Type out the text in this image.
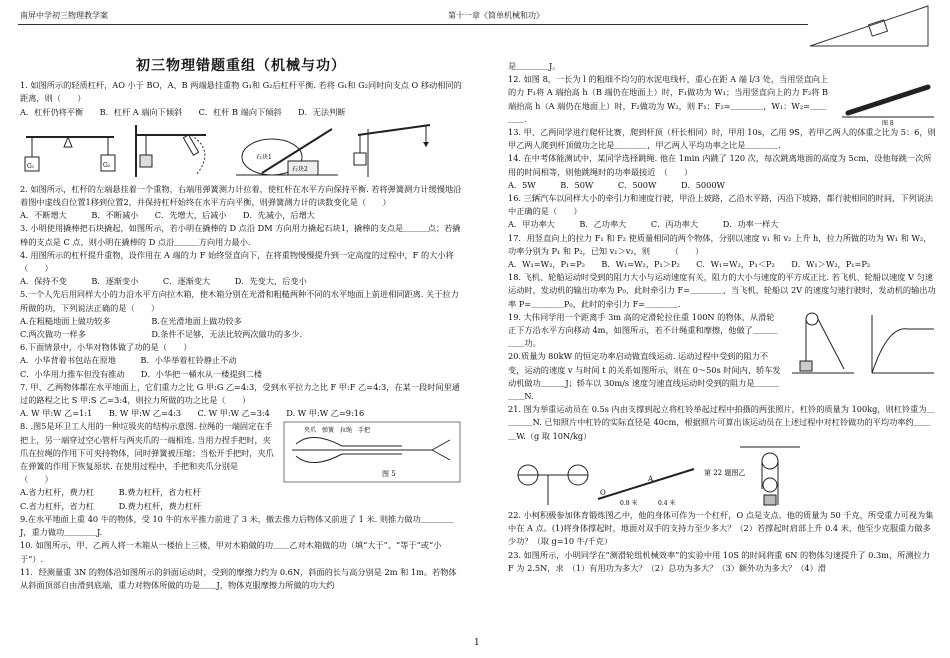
南屏中学初三物理教学案	第十一章《简单机械和功》
初三物理错题重组（机械与功）

1. 如图所示的轻质杠杆，AO 小于 BO，A、B 两端悬挂重物 G₁和 G₂后杠杆平衡. 若将 G₁和 G₂同时向支点 O 移动相同的距离，则（　　）

A．杠杆仍将平衡　　B．杠杆 A 端向下倾斜　　C．杠杆 B 端向下倾斜　　D．无法判断

G₁	G₂
石块1
石块2

2. 如图所示，杠杆的左端悬挂着一个重物，右端用弹簧测力计拉着，使杠杆在水平方向保持平衡. 若将弹簧测力计缓慢地沿着图中虚线自位置1移到位置2，并保持杠杆始终在水平方向平衡，则弹簧测力计的读数变化是（　　）

A．不断增大　　　B．不断减小　　C．先增大，后减小　　D．先减小，后增大

3. 小明使用撬棒把石块撬起，如图所示，若小明在撬棒的 D 点沿 DM 方向用力撬起石块1，撬棒的支点是＿＿＿点；若撬棒的支点是 C 点，则小明在撬棒的 D 点沿＿＿＿方向用力最小.

4. 用图所示的杠杆提升重物，设作用在 A 端的力 F 始终竖直向下，在将重物慢慢提升到一定高度的过程中，F 的大小将　　　　　　　　　　　（　　）

A．保持不变　　　B．逐渐变小　　　C．逐渐变大　　　D．先变大，后变小

5.一个人先后用同样大小的力沿水平方向拉木箱，使木箱分别在光滑和粗糙两种不同的水平地面上前进相同距离. 关于拉力所做的功，下列说法正确的是（　　）

A.在粗糙地面上做功较多　　　　　B.在光滑地面上做功较多

C.两次做功一样多　　　　　　　　D.条件不足够，无法比较两次做功的多少.

6.下面情景中，小华对物体做了功的是（　　）

A．小华背着书包站在原地　　　B．小华举着杠铃静止不动

C．小华用力推车但没有推动　　D．小华把一桶水从一楼提到二楼

7. 甲、乙两物体都在水平地面上，它们重力之比 G 甲:G 乙=4:3，受到水平拉力之比 F 甲:F 乙=4:3，在某一段时间里通过的路程之比 S 甲:S 乙=3:4，则拉力所做的功之比是（　　）

A. W 甲:W 乙=1:1　　B. W 甲:W 乙=4:3　　C. W 甲:W 乙=3:4　　D. W 甲:W 乙=9:16

夹爪　弹簧　拉绳　手把
图 5

8. .图5是环卫工人用的一种垃圾夹的结构示意图. 拉绳的一端固定在手把上，另一端穿过空心管杆与两夹爪的一端相连. 当用力捏手把时，夹爪在拉绳的作用下可夹持物体，同时弹簧被压缩；当松开手把时，夹爪在弹簧的作用下恢复原状. 在使用过程中，手把和夹爪分别是　　（　　）

A.省力杠杆，费力杠　　　B.费力杠杆，省力杠杆

C.省力杠杆，省力杠　　　D.费力杠杆，费力杠杆

9.在水平地面上重 40 牛的物体，受 10 牛的水平推力前进了 3 米，撤去推力后物体又前进了 1 米. 则推力做功＿＿＿＿J，重力做功＿＿＿＿J.

10. 如图所示，甲、乙两人将一木箱从一楼抬上三楼，甲对木箱做的功＿＿乙对木箱做的功（填“大于”、“等于”或“小于”）.

11．经测量重 3N 的物体沿如图所示的斜面运动时，受到的摩擦力约为 0.6N，斜面的长与高分别是 2m 和 1m。若物体从斜面顶部自由滑到底端，重力对物体所做的功是＿＿J，物体克服摩擦力所做的功大约

是＿＿＿＿J。

图 8

12. 如图 8，一长为 l 的粗细不均匀的水泥电线杆，重心在距 A 端 l/3 处，当用竖直向上的力 F₁将 A 端抬高 h（B 端仍在地面上）时，F₁做功为 W₁；当用竖直向上的力 F₂将 B 端抬高 h（A 端仍在地面上）时，F₂做功为 W₂，则 F₁：F₂=＿＿＿＿，W₁：W₂=＿＿＿＿.

13. 甲、乙两同学进行爬杆比赛，爬到杆顶（杆长相同）时，甲用 10s，乙用 9S，若甲乙两人的体重之比为 5：6，则甲乙两人爬到杆顶做功之比是＿＿＿＿，甲乙两人平均功率之比是＿＿＿＿.

14. 在中考体能测试中，某同学选择跳绳. 他在 1min 内跳了 120 次，每次跳离地面的高度为 5cm，设他每跳一次所用的时间相等，则他跳绳时的功率最接近　（　　）

A．5W　　　B．50W　　　C．500W　　　D．5000W

16. 三辆汽车以同样大小的牵引力和速度行驶，甲沿上坡路，乙沿水平路，丙沿下坡路，都行驶相同的时间，下列说法中正确的是（　　）

A．甲功率大　　　B．乙功率大　　　C．丙功率大　　　D．功率一样大

17．用竖直向上的拉力 F₁ 和 F₂ 使质量相同的两个物体，分别以速度 v₁ 和 v₂ 上升 h，拉力所做的功为 W₁ 和 W₂，功率分别为 P₁ 和 P₂，已知 v₁＞v₂，则　　　（　　）

A．W₁=W₂，P₁=P₂　　B．W₁=W₂，P₁＞P₂　　C．W₁=W₂，P₁＜P₂　　D．W₁＞W₂，P₁=P₂

18. 飞机、轮船运动时受到的阻力大小与运动速度有关，阻力的大小与速度的平方成正比. 若飞机、轮船以速度 V 匀速运动时，发动机的输出功率为 P₀，此时牵引力 F=＿＿＿＿，当飞机、轮船以 2V 的速度匀速行驶时，发动机的输出功率 P=＿＿＿＿P₀，此时的牵引力 F=＿＿＿＿.

19. 大伟同学用一个距离手 3m 高的定滑轮拉住重 100N 的物体，从滑轮正下方沿水平方向移动 4m，如图所示，若不计绳重和摩擦，他做了＿＿＿＿＿功。

20.质量为 80kW 的恒定功率启动做直线运动. 运动过程中受到的阻力不变，运动的速度 v 与时间 t 的关系如图所示，则在 0～50s 时间内，轿车发动机做功＿＿＿J；轿车以 30m/s 速度匀速直线运动时受到的阻力是＿＿＿＿＿N.

21. 图为举重运动员在 0.5s 内由支撑到起立将杠铃举起过程中拍摄的两张照片，杠铃的质量为 100kg，则杠铃重为＿＿＿＿N. 已知照片中杠铃的实际直径是 40cm，根据照片可算出该运动员在上述过程中对杠铃做功的平均功率约＿＿＿W.（g 取 10N/kg）

A
O
0.8 米	0.4 米
第 22 题图乙

22. 小柯积极参加体育锻炼图乙中，他的身体可作为一个杠杆，O 点是支点。他的质量为 50 千克，所受重力可视为集中在 A 点。(1)将身体撑起时，地面对双手的支持力至少多大？（2）若撑起时肩部上升 0.4 米，他至少克服重力做多少功？（取 g=10 牛/千克）

23. 如图所示，小明同学在“测滑轮组机械效率”的实验中用 10S 的时间将重 6N 的物体匀速提升了 0.3m，所测拉力 F 为 2.5N，求　（1）有用功为多大？（2）总功为多大？（3）额外功为多大？（4）滑

1
